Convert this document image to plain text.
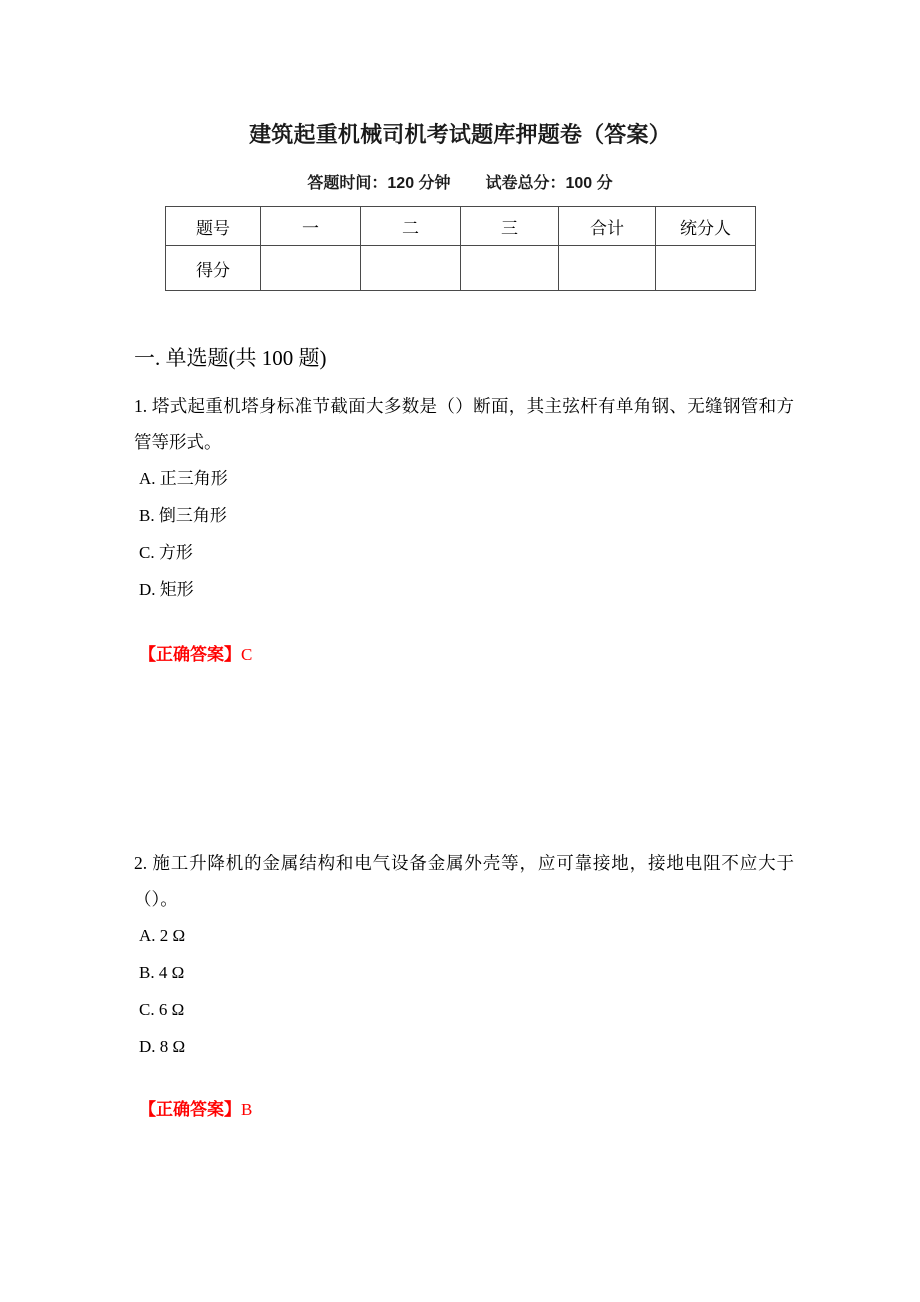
建筑起重机械司机考试题库押题卷（答案）
答题时间：120 分钟 试卷总分：100 分
题号	一	二	三	合计	统分人
得分					
一. 单选题(共 100 题)
1. 塔式起重机塔身标准节截面大多数是（）断面，其主弦杆有单角钢、无缝钢管和方管等形式。
A. 正三角形
B. 倒三角形
C. 方形
D. 矩形
【正确答案】C
2. 施工升降机的金属结构和电气设备金属外壳等，应可靠接地，接地电阻不应大于（）。
A. 2 Ω
B. 4 Ω
C. 6 Ω
D. 8 Ω
【正确答案】B
